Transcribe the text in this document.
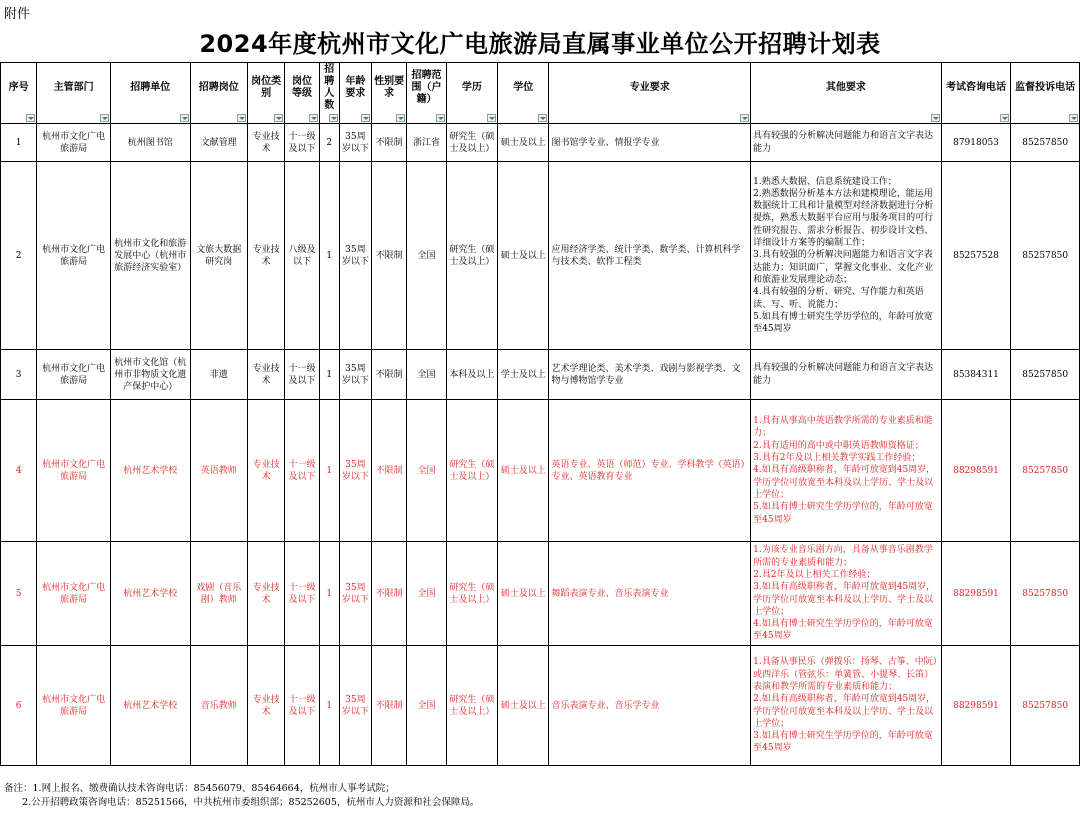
附件
2024年度杭州市文化广电旅游局直属事业单位公开招聘计划表
序号	主管部门	招聘单位	招聘岗位	岗位类别	岗位等级	招聘人数	年龄要求	性别要求	招聘范围（户籍）	学历	学位	专业要求	其他要求	考试咨询电话	监督投诉电话

1	杭州市文化广电旅游局	杭州图书馆	文献管理	专业技术	十一级及以下	2	35周岁以下	不限制	浙江省	研究生（硕士及以上）	硕士及以上	图书馆学专业、情报学专业	具有较强的分析解决问题能力和语言文字表达能力	87918053	85257850
2	杭州市文化广电旅游局	杭州市文化和旅游发展中心（杭州市旅游经济实验室）	文旅大数据研究岗	专业技术	八级及以下	1	35周岁以下	不限制	全国	研究生（硕士及以上）	硕士及以上	应用经济学类、统计学类、数学类、计算机科学与技术类、软件工程类	1.熟悉大数据、信息系统建设工作；
2.熟悉数据分析基本方法和建模理论，能运用数据统计工具和计量模型对经济数据进行分析提炼，熟悉大数据平台应用与服务项目的可行性研究报告、需求分析报告、初步设计文档、详细设计方案等的编制工作；
3.具有较强的分析解决问题能力和语言文字表达能力；知识面广，掌握文化事业、文化产业和旅游业发展理论动态；
4.具有较强的分析、研究、写作能力和英语读、写、听、说能力；
5.如具有博士研究生学历学位的，年龄可放宽至45周岁	85257528	85257850
3	杭州市文化广电旅游局	杭州市文化馆（杭州市非物质文化遗产保护中心）	非遗	专业技术	十一级及以下	1	35周岁以下	不限制	全国	本科及以上	学士及以上	艺术学理论类、美术学类、戏剧与影视学类、文物与博物馆学专业	具有较强的分析解决问题能力和语言文字表达能力	85384311	85257850
4	杭州市文化广电旅游局	杭州艺术学校	英语教师	专业技术	十一级及以下	1	35周岁以下	不限制	全国	研究生（硕士及以上）	硕士及以上	英语专业、英语（师范）专业、学科教学（英语）专业、英语教育专业	1.具有从事高中英语教学所需的专业素质和能力；
2.具有适用的高中或中职英语教师资格证；
3.具有2年及以上相关教学实践工作经验；
4.如具有高级职称者，年龄可放宽到45周岁，学历学位可放宽至本科及以上学历、学士及以上学位；
5.如具有博士研究生学历学位的，年龄可放宽至45周岁	88298591	85257850
5	杭州市文化广电旅游局	杭州艺术学校	戏剧（音乐剧）教师	专业技术	十一级及以下	1	35周岁以下	不限制	全国	研究生（硕士及以上）	硕士及以上	舞蹈表演专业、音乐表演专业	1.为该专业音乐剧方向，具备从事音乐剧教学所需的专业素质和能力；
2.具2年及以上相关工作经验；
3.如具有高级职称者，年龄可放宽到45周岁，学历学位可放宽至本科及以上学历、学士及以上学位；
4.如具有博士研究生学历学位的，年龄可放宽至45周岁	88298591	85257850
6	杭州市文化广电旅游局	杭州艺术学校	音乐教师	专业技术	十一级及以下	1	35周岁以下	不限制	全国	研究生（硕士及以上）	硕士及以上	音乐表演专业、音乐学专业	1.具备从事民乐（弹拨乐：扬琴、古筝、中阮）或西洋乐（管弦乐：单簧管、小提琴、长笛）表演和教学所需的专业素质和能力；
2.如具有高级职称者，年龄可放宽到45周岁，学历学位可放宽至本科及以上学历、学士及以上学位；
3.如具有博士研究生学历学位的，年龄可放宽至45周岁	88298591	85257850
备注：1.网上报名、缴费确认技术咨询电话：85456079、85464664，杭州市人事考试院；
2.公开招聘政策咨询电话：85251566，中共杭州市委组织部；85252605，杭州市人力资源和社会保障局。
